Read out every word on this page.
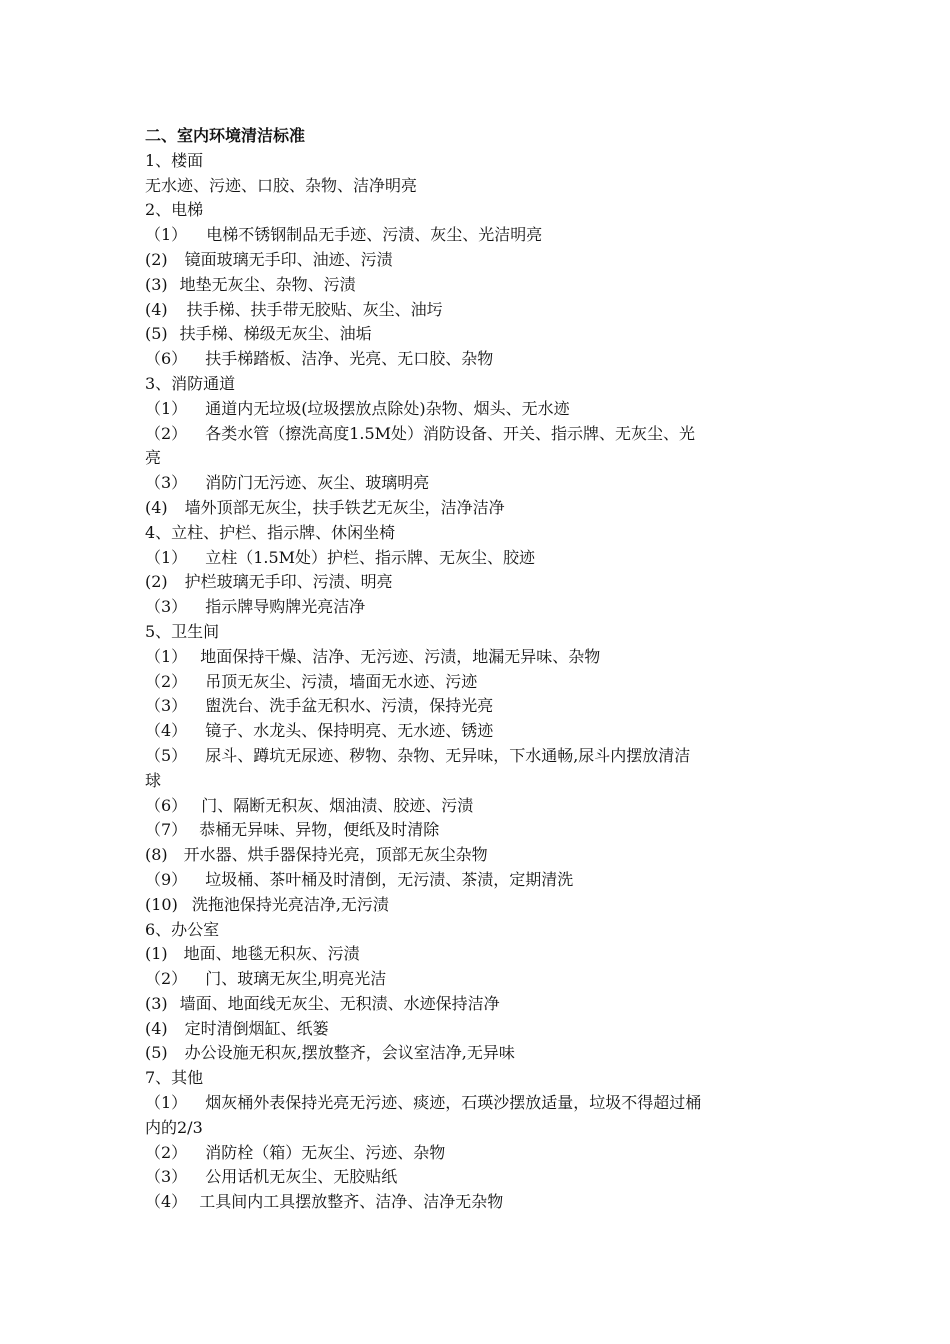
二、室内环境清洁标准
1、楼面
无水迹、污迹、口胶、杂物、洁净明亮
2、电梯
（1） 电梯不锈钢制品无手迹、污渍、灰尘、光洁明亮
(2) 镜面玻璃无手印、油迹、污渍
(3) 地垫无灰尘、杂物、污渍
(4) 扶手梯、扶手带无胶贴、灰尘、油圬
(5) 扶手梯、梯级无灰尘、油垢
（6） 扶手梯踏板、洁净、光亮、无口胶、杂物
3、消防通道
（1） 通道内无垃圾(垃圾摆放点除处)杂物、烟头、无水迹
（2） 各类水管（擦洗高度1.5M处）消防设备、开关、指示牌、无灰尘、光
亮
（3） 消防门无污迹、灰尘、玻璃明亮
(4) 墙外顶部无灰尘，扶手铁艺无灰尘，洁净洁净
4、立柱、护栏、指示牌、休闲坐椅
（1） 立柱（1.5M处）护栏、指示牌、无灰尘、胶迹
(2) 护栏玻璃无手印、污渍、明亮
（3） 指示牌导购牌光亮洁净
5、卫生间
（1） 地面保持干燥、洁净、无污迹、污渍，地漏无异味、杂物
（2） 吊顶无灰尘、污渍，墙面无水迹、污迹
（3） 盥洗台、洗手盆无积水、污渍，保持光亮
（4） 镜子、水龙头、保持明亮、无水迹、锈迹
（5） 尿斗、蹲坑无尿迹、秽物、杂物、无异味，下水通畅,尿斗内摆放清洁
球
（6） 门、隔断无积灰、烟油渍、胶迹、污渍
（7） 恭桶无异味、异物，便纸及时清除
(8) 开水器、烘手器保持光亮，顶部无灰尘杂物
（9） 垃圾桶、茶叶桶及时清倒，无污渍、茶渍，定期清洗
(10) 洗拖池保持光亮洁净,无污渍
6、办公室
(1) 地面、地毯无积灰、污渍
（2） 门、玻璃无灰尘,明亮光洁
(3) 墙面、地面线无灰尘、无积渍、水迹保持洁净
(4) 定时清倒烟缸、纸篓
(5) 办公设施无积灰,摆放整齐，会议室洁净,无异味
7、其他
（1） 烟灰桶外表保持光亮无污迹、痰迹，石瑛沙摆放适量，垃圾不得超过桶
内的2/3
（2） 消防栓（箱）无灰尘、污迹、杂物
（3） 公用话机无灰尘、无胶贴纸
（4） 工具间内工具摆放整齐、洁净、洁净无杂物
